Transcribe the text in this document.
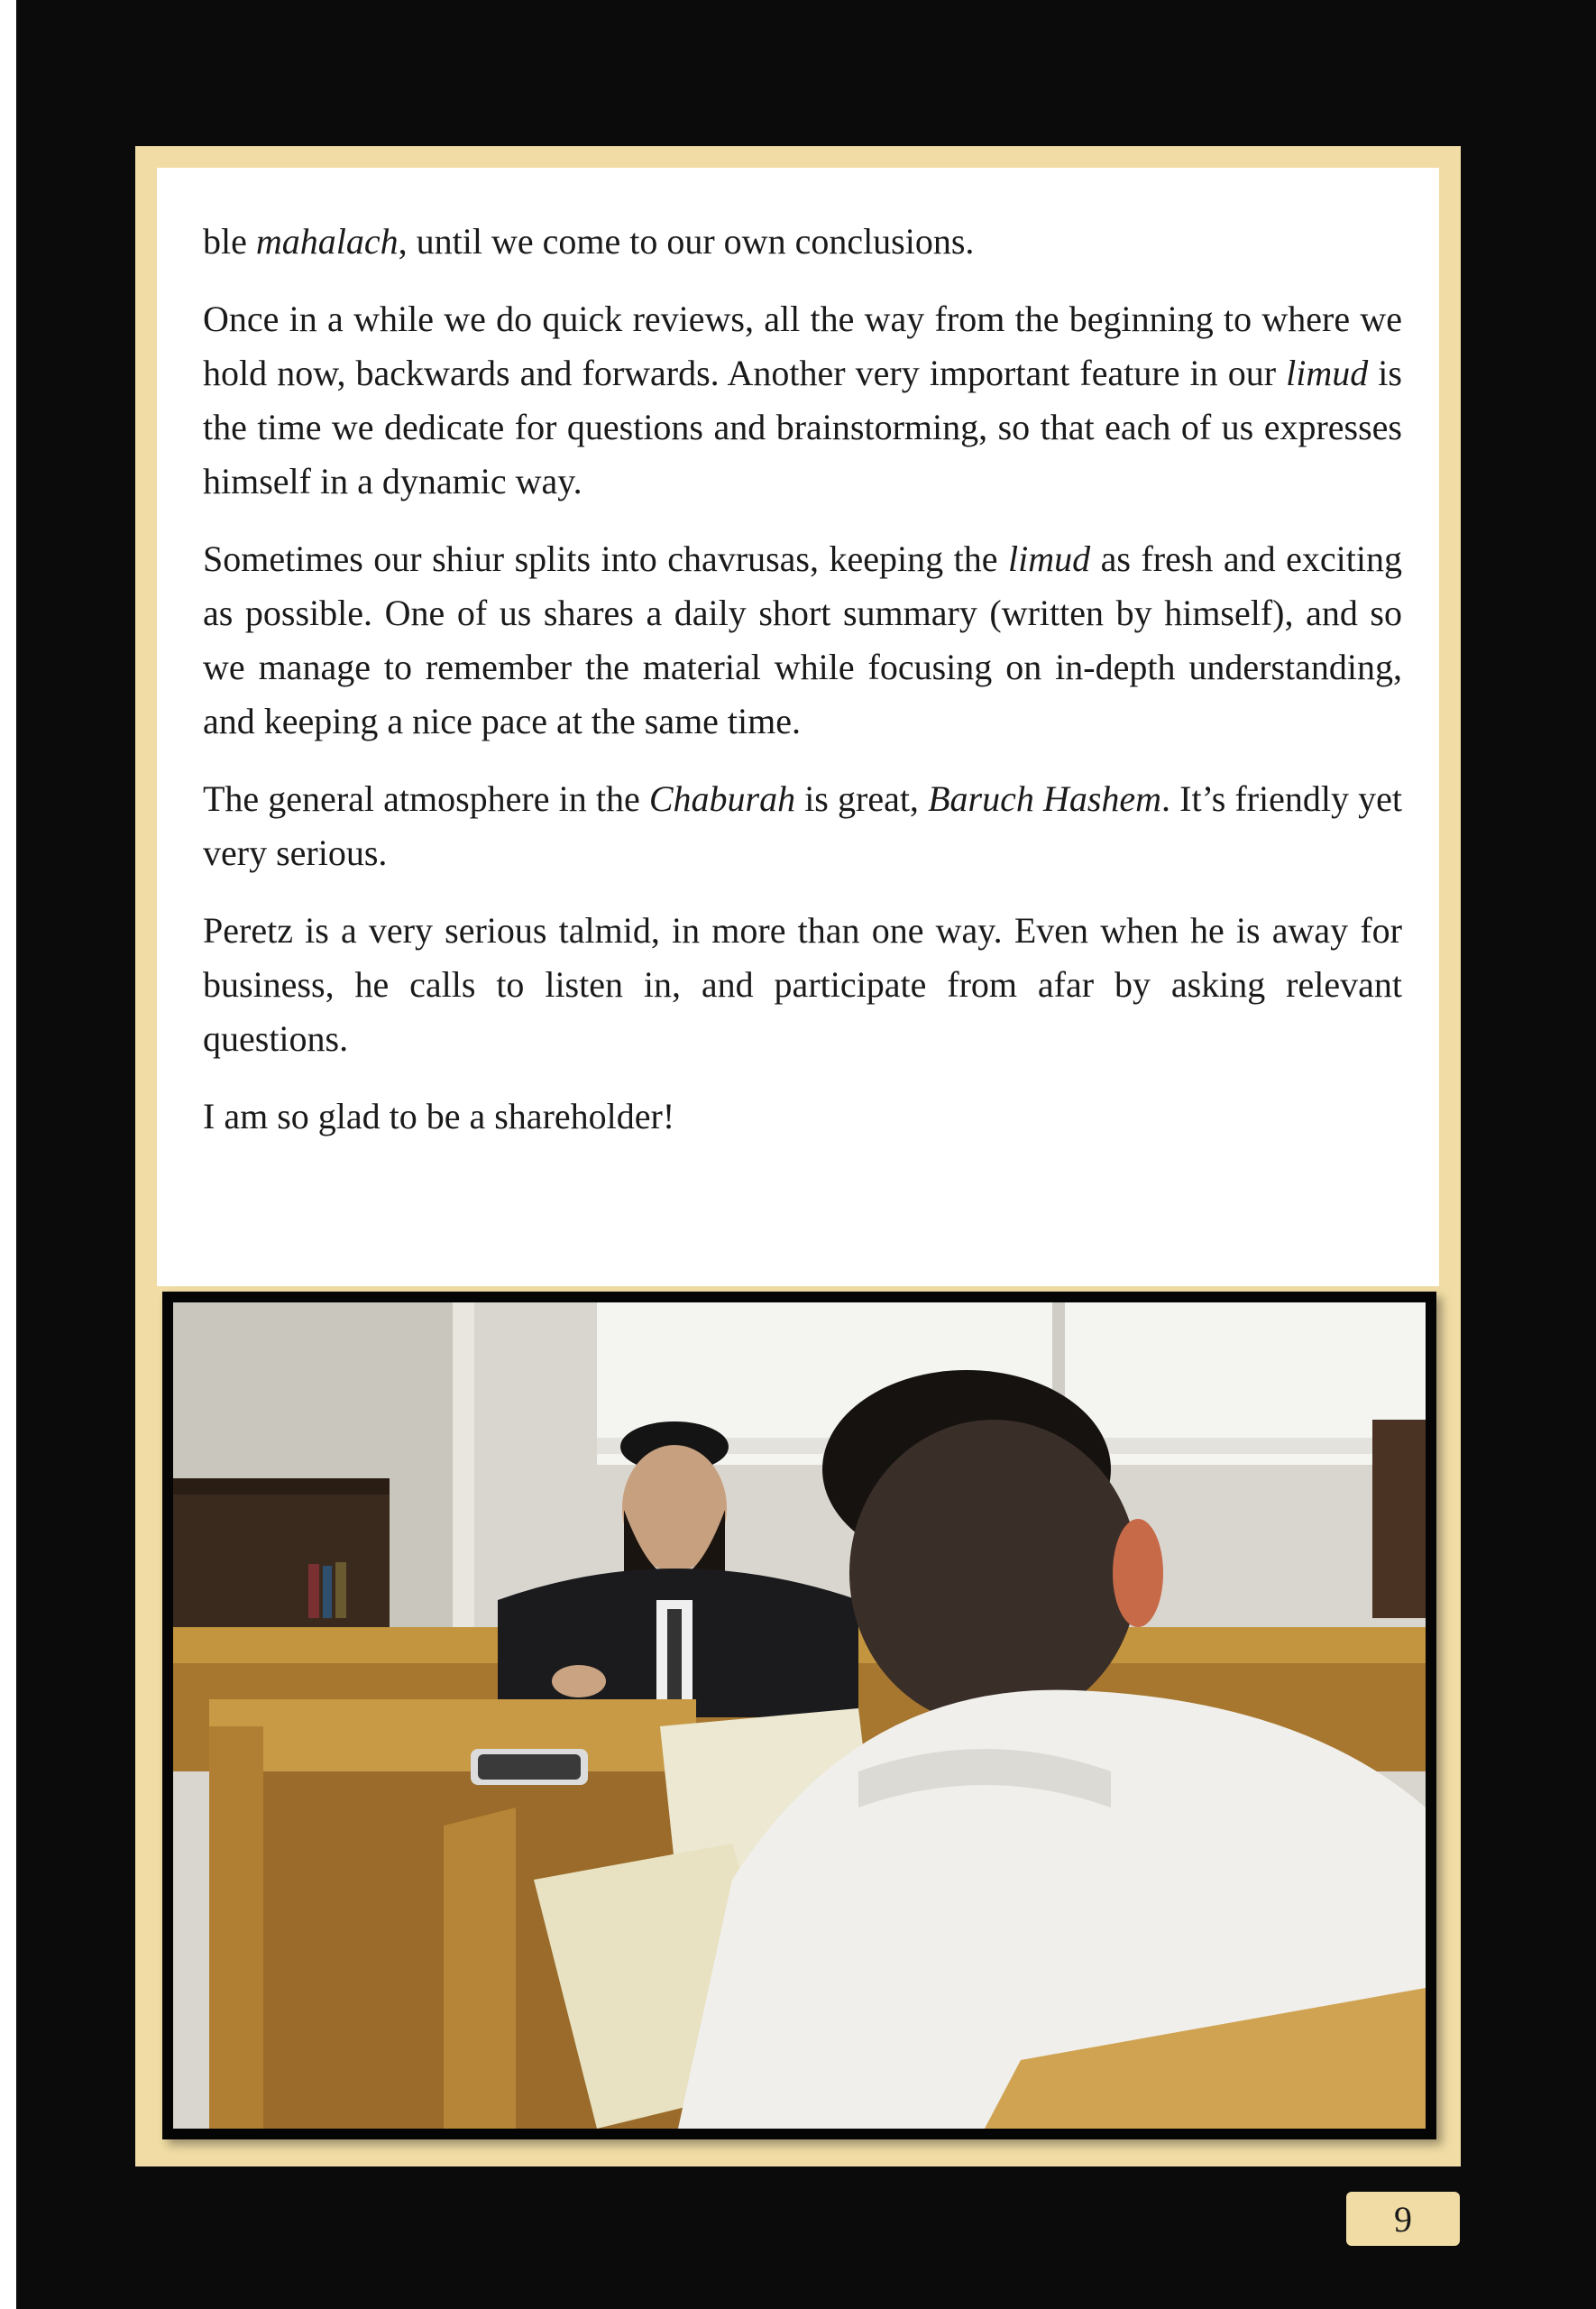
ble mahalach, until we come to our own conclusions.

Once in a while we do quick reviews, all the way from the beginning to where we hold now, backwards and forwards. Another very important feature in our limud is the time we dedicate for questions and brainstorming, so that each of us expresses himself in a dynamic way.

Sometimes our shiur splits into chavrusas, keeping the limud as fresh and exciting as possible. One of us shares a daily short summary (written by himself), and so we manage to remember the material while focusing on in-depth understanding, and keeping a nice pace at the same time.

The general atmosphere in the Chaburah is great, Baruch Hashem. It’s friendly yet very serious.

Peretz is a very serious talmid, in more than one way. Even when he is away for business, he calls to listen in, and participate from afar by asking relevant questions.

I am so glad to be a shareholder!

9
